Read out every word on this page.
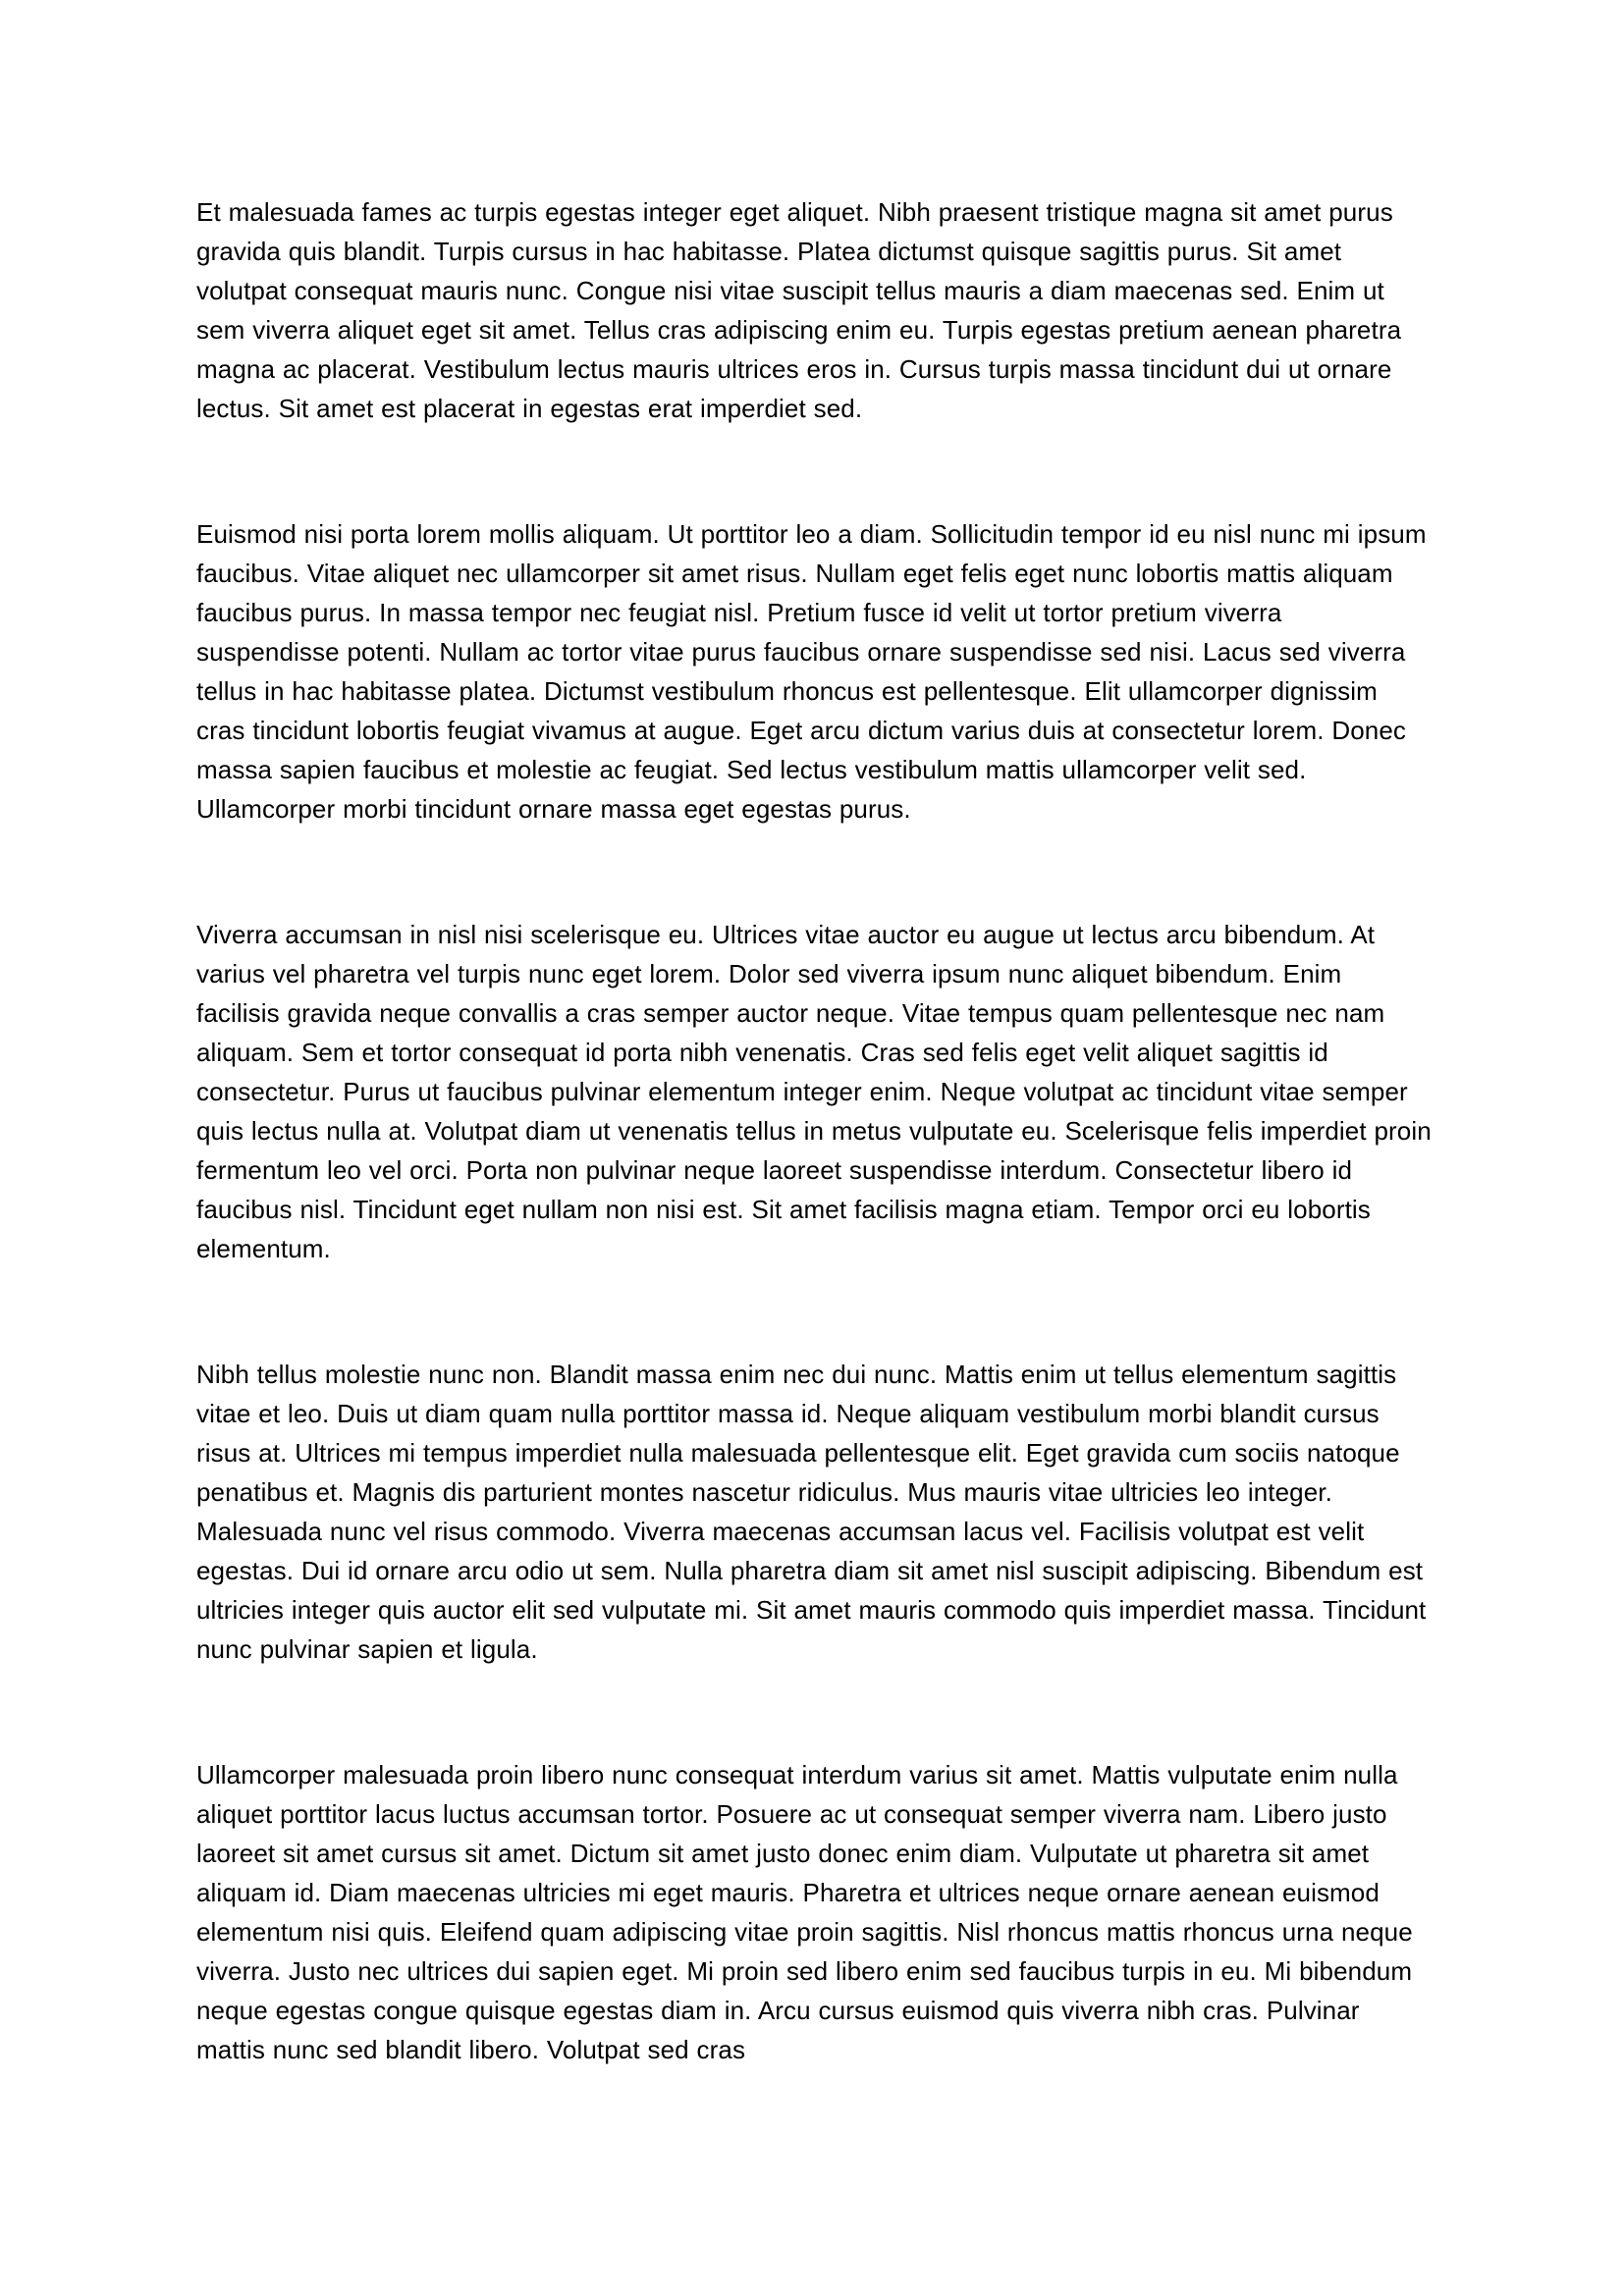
Et malesuada fames ac turpis egestas integer eget aliquet. Nibh praesent tristique magna sit amet purus gravida quis blandit. Turpis cursus in hac habitasse. Platea dictumst quisque sagittis purus. Sit amet volutpat consequat mauris nunc. Congue nisi vitae suscipit tellus mauris a diam maecenas sed. Enim ut sem viverra aliquet eget sit amet. Tellus cras adipiscing enim eu. Turpis egestas pretium aenean pharetra magna ac placerat. Vestibulum lectus mauris ultrices eros in. Cursus turpis massa tincidunt dui ut ornare lectus. Sit amet est placerat in egestas erat imperdiet sed.

Euismod nisi porta lorem mollis aliquam. Ut porttitor leo a diam. Sollicitudin tempor id eu nisl nunc mi ipsum faucibus. Vitae aliquet nec ullamcorper sit amet risus. Nullam eget felis eget nunc lobortis mattis aliquam faucibus purus. In massa tempor nec feugiat nisl. Pretium fusce id velit ut tortor pretium viverra suspendisse potenti. Nullam ac tortor vitae purus faucibus ornare suspendisse sed nisi. Lacus sed viverra tellus in hac habitasse platea. Dictumst vestibulum rhoncus est pellentesque. Elit ullamcorper dignissim cras tincidunt lobortis feugiat vivamus at augue. Eget arcu dictum varius duis at consectetur lorem. Donec massa sapien faucibus et molestie ac feugiat. Sed lectus vestibulum mattis ullamcorper velit sed. Ullamcorper morbi tincidunt ornare massa eget egestas purus.

Viverra accumsan in nisl nisi scelerisque eu. Ultrices vitae auctor eu augue ut lectus arcu bibendum. At varius vel pharetra vel turpis nunc eget lorem. Dolor sed viverra ipsum nunc aliquet bibendum. Enim facilisis gravida neque convallis a cras semper auctor neque. Vitae tempus quam pellentesque nec nam aliquam. Sem et tortor consequat id porta nibh venenatis. Cras sed felis eget velit aliquet sagittis id consectetur. Purus ut faucibus pulvinar elementum integer enim. Neque volutpat ac tincidunt vitae semper quis lectus nulla at. Volutpat diam ut venenatis tellus in metus vulputate eu. Scelerisque felis imperdiet proin fermentum leo vel orci. Porta non pulvinar neque laoreet suspendisse interdum. Consectetur libero id faucibus nisl. Tincidunt eget nullam non nisi est. Sit amet facilisis magna etiam. Tempor orci eu lobortis elementum.

Nibh tellus molestie nunc non. Blandit massa enim nec dui nunc. Mattis enim ut tellus elementum sagittis vitae et leo. Duis ut diam quam nulla porttitor massa id. Neque aliquam vestibulum morbi blandit cursus risus at. Ultrices mi tempus imperdiet nulla malesuada pellentesque elit. Eget gravida cum sociis natoque penatibus et. Magnis dis parturient montes nascetur ridiculus. Mus mauris vitae ultricies leo integer. Malesuada nunc vel risus commodo. Viverra maecenas accumsan lacus vel. Facilisis volutpat est velit egestas. Dui id ornare arcu odio ut sem. Nulla pharetra diam sit amet nisl suscipit adipiscing. Bibendum est ultricies integer quis auctor elit sed vulputate mi. Sit amet mauris commodo quis imperdiet massa. Tincidunt nunc pulvinar sapien et ligula.

Ullamcorper malesuada proin libero nunc consequat interdum varius sit amet. Mattis vulputate enim nulla aliquet porttitor lacus luctus accumsan tortor. Posuere ac ut consequat semper viverra nam. Libero justo laoreet sit amet cursus sit amet. Dictum sit amet justo donec enim diam. Vulputate ut pharetra sit amet aliquam id. Diam maecenas ultricies mi eget mauris. Pharetra et ultrices neque ornare aenean euismod elementum nisi quis. Eleifend quam adipiscing vitae proin sagittis. Nisl rhoncus mattis rhoncus urna neque viverra. Justo nec ultrices dui sapien eget. Mi proin sed libero enim sed faucibus turpis in eu. Mi bibendum neque egestas congue quisque egestas diam in. Arcu cursus euismod quis viverra nibh cras. Pulvinar mattis nunc sed blandit libero. Volutpat sed cras
